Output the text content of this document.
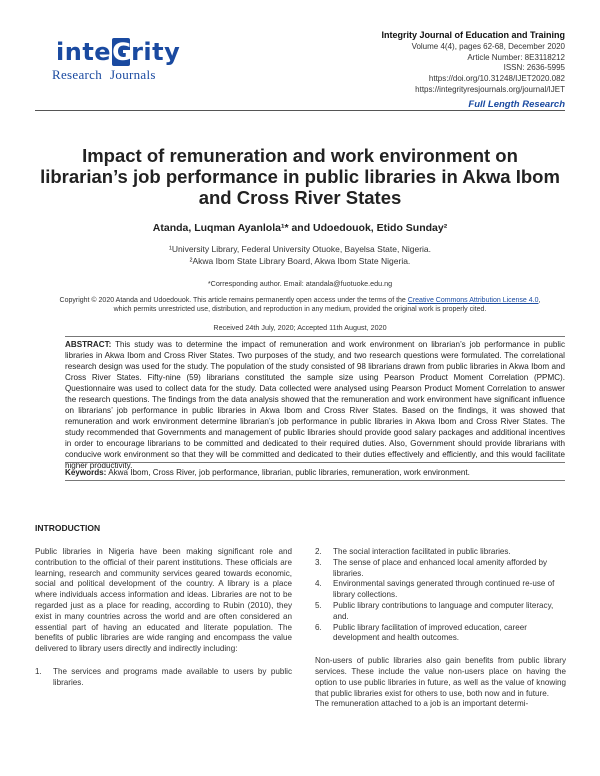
inteGrity
Research Journals
Integrity Journal of Education and Training
Volume 4(4), pages 62-68, December 2020
Article Number: 8E3118212
ISSN: 2636-5995
https://doi.org/10.31248/IJET2020.082
https://integrityresjournals.org/journal/IJET
Full Length Research
Impact of remuneration and work environment on librarian’s job performance in public libraries in Akwa Ibom and Cross River States
Atanda, Luqman Ayanlola¹* and Udoedouok, Etido Sunday²
¹University Library, Federal University Otuoke, Bayelsa State, Nigeria.
²Akwa Ibom State Library Board, Akwa Ibom State Nigeria.
*Corresponding author. Email: atandala@fuotuoke.edu.ng
Copyright © 2020 Atanda and Udoedouok. This article remains permanently open access under the terms of the Creative Commons Attribution License 4.0, which permits unrestricted use, distribution, and reproduction in any medium, provided the original work is properly cited.
Received 24th July, 2020; Accepted 11th August, 2020
ABSTRACT: This study was to determine the impact of remuneration and work environment on librarian’s job performance in public libraries in Akwa Ibom and Cross River States. Two purposes of the study, and two research questions were formulated. The correlational research design was used for the study. The population of the study consisted of 98 librarians drawn from public libraries in Akwa Ibom and Cross River States. Fifty-nine (59) librarians constituted the sample size using Pearson Product Moment Correlation (PPMC). Questionnaire was used to collect data for the study. Data collected were analysed using Pearson Product Moment Correlation to answer the research questions. The findings from the data analysis showed that the remuneration and work environment have significant influence on librarians’ job performance in public libraries in Akwa Ibom and Cross River States. Based on the findings, it was showed that remuneration and work environment determine librarian’s job performance in public libraries in Akwa Ibom and Cross River States. The study recommended that Governments and management of public libraries should provide good salary packages and additional incentives in order to encourage librarians to be committed and dedicated to their required duties. Also, Government should provide librarians with conducive work environment so that they will be committed and dedicated to their duties effectively and efficiently, and this would facilitate higher productivity.
Keywords: Akwa Ibom, Cross River, job performance, librarian, public libraries, remuneration, work environment.
INTRODUCTION

Public libraries in Nigeria have been making significant role and contribution to the official of their parent institutions. These officials are learning, research and community services geared towards economic, social and political development of the country. A library is a place where individuals access information and ideas. Libraries are not to be regarded just as a place for reading, according to Rubin (2010), they exist in many countries across the world and are often considered an essential part of having an educated and literate population. The benefits of public libraries are wide ranging and encompass the value delivered to library users directly and indirectly including:

1.	The services and programs made available to users by public libraries.
2.	The social interaction facilitated in public libraries.
3.	The sense of place and enhanced local amenity afforded by libraries.
4.	Environmental savings generated through continued re-use of library collections.
5.	Public library contributions to language and computer literacy, and.
6.	Public library facilitation of improved education, career development and health outcomes.

Non-users of public libraries also gain benefits from public library services. These include the value non-users place on having the option to use public libraries in future, as well as the value of knowing that public libraries exist for others to use, both now and in future.

The remuneration attached to a job is an important determi-
